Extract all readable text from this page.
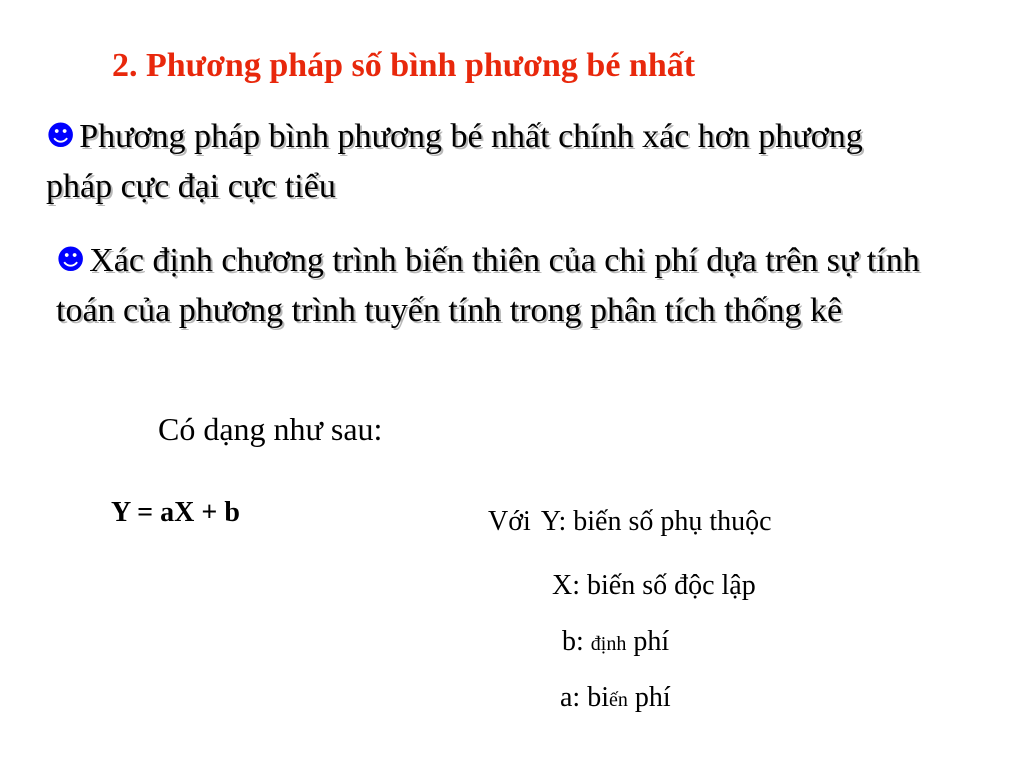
2. Phương pháp số bình phương bé nhất
☻ Phương pháp bình phương bé nhất chính xác hơn phương pháp cực đại cực tiểu
☻ Xác định chương trình biến thiên của chi phí dựa trên sự tính toán của phương trình tuyến tính trong phân tích thống kê
Có dạng như sau:
Y = aX + b	Với Y: biến số phụ thuộc
X: biến số độc lập
b: định phí
a: biến phí
